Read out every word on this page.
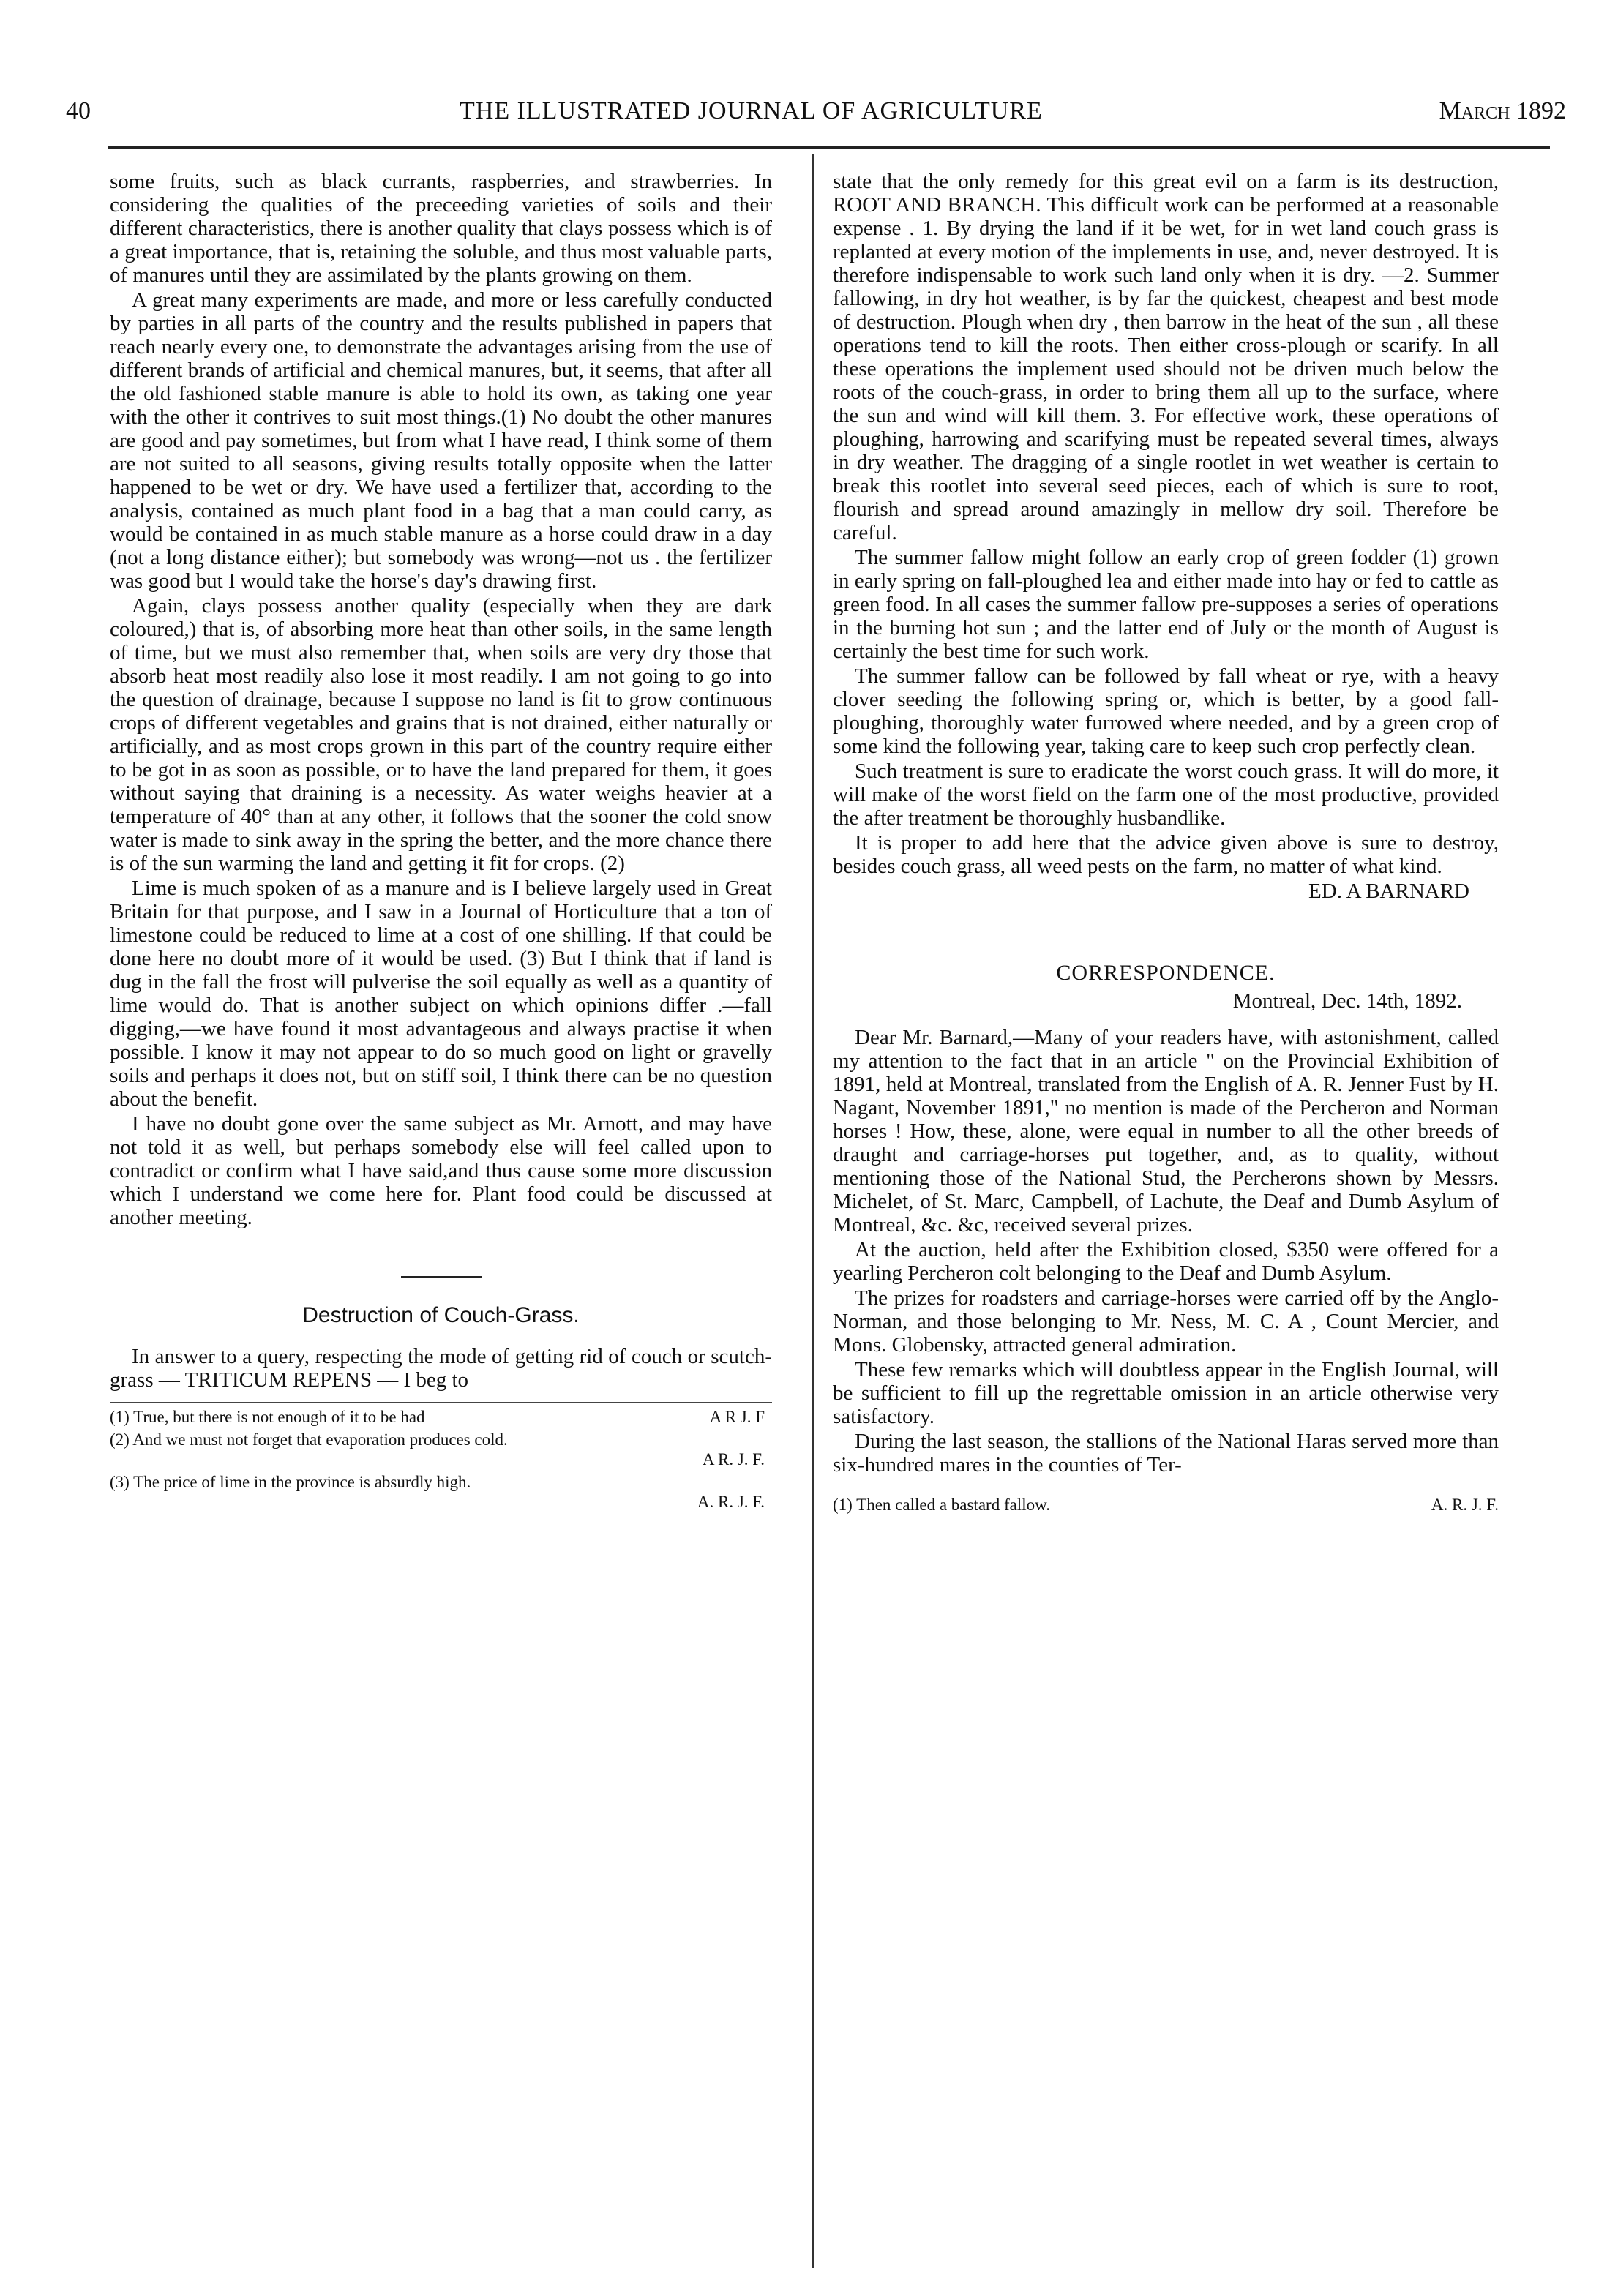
40	THE ILLUSTRATED JOURNAL OF AGRICULTURE	March 1892

some fruits, such as black currants, raspberries, and strawberries. In considering the qualities of the preceeding varieties of soils and their different characteristics, there is another quality that clays possess which is of a great importance, that is, retaining the soluble, and thus most valuable parts, of manures until they are assimilated by the plants growing on them.

A great many experiments are made, and more or less carefully conducted by parties in all parts of the country and the results published in papers that reach nearly every one, to demonstrate the advantages arising from the use of different brands of artificial and chemical manures, but, it seems, that after all the old fashioned stable manure is able to hold its own, as taking one year with the other it contrives to suit most things.(1) No doubt the other manures are good and pay sometimes, but from what I have read, I think some of them are not suited to all seasons, giving results totally opposite when the latter happened to be wet or dry. We have used a fertilizer that, according to the analysis, contained as much plant food in a bag that a man could carry, as would be contained in as much stable manure as a horse could draw in a day (not a long distance either); but somebody was wrong—not us . the fertilizer was good but I would take the horse's day's drawing first.

Again, clays possess another quality (especially when they are dark coloured,) that is, of absorbing more heat than other soils, in the same length of time, but we must also remember that, when soils are very dry those that absorb heat most readily also lose it most readily. I am not going to go into the question of drainage, because I suppose no land is fit to grow continuous crops of different vegetables and grains that is not drained, either naturally or artificially, and as most crops grown in this part of the country require either to be got in as soon as possible, or to have the land prepared for them, it goes without saying that draining is a necessity. As water weighs heavier at a temperature of 40° than at any other, it follows that the sooner the cold snow water is made to sink away in the spring the better, and the more chance there is of the sun warming the land and getting it fit for crops. (2)

Lime is much spoken of as a manure and is I believe largely used in Great Britain for that purpose, and I saw in a Journal of Horticulture that a ton of limestone could be reduced to lime at a cost of one shilling. If that could be done here no doubt more of it would be used. (3) But I think that if land is dug in the fall the frost will pulverise the soil equally as well as a quantity of lime would do. That is another subject on which opinions differ .—fall digging,—we have found it most advantageous and always practise it when possible. I know it may not appear to do so much good on light or gravelly soils and perhaps it does not, but on stiff soil, I think there can be no question about the benefit.

I have no doubt gone over the same subject as Mr. Arnott, and may have not told it as well, but perhaps somebody else will feel called upon to contradict or confirm what I have said,and thus cause some more discussion which I understand we come here for. Plant food could be discussed at another meeting.

Destruction of Couch-Grass.

In answer to a query, respecting the mode of getting rid of couch or scutch-grass — TRITICUM REPENS — I beg to

(1) True, but there is not enough of it to be had	A R J. F

(2) And we must not forget that evaporation produces cold.
A R. J. F.

(3) The price of lime in the province is absurdly high.
A. R. J. F.

state that the only remedy for this great evil on a farm is its destruction, ROOT AND BRANCH. This difficult work can be performed at a reasonable expense . 1. By drying the land if it be wet, for in wet land couch grass is replanted at every motion of the implements in use, and, never destroyed. It is therefore indispensable to work such land only when it is dry. —2. Summer fallowing, in dry hot weather, is by far the quickest, cheapest and best mode of destruction. Plough when dry , then barrow in the heat of the sun , all these operations tend to kill the roots. Then either cross-plough or scarify. In all these operations the implement used should not be driven much below the roots of the couch-grass, in order to bring them all up to the surface, where the sun and wind will kill them. 3. For effective work, these operations of ploughing, harrowing and scarifying must be repeated several times, always in dry weather. The dragging of a single rootlet in wet weather is certain to break this rootlet into several seed pieces, each of which is sure to root, flourish and spread around amazingly in mellow dry soil. Therefore be careful.

The summer fallow might follow an early crop of green fodder (1) grown in early spring on fall-ploughed lea and either made into hay or fed to cattle as green food. In all cases the summer fallow pre-supposes a series of operations in the burning hot sun ; and the latter end of July or the month of August is certainly the best time for such work.

The summer fallow can be followed by fall wheat or rye, with a heavy clover seeding the following spring or, which is better, by a good fall-ploughing, thoroughly water furrowed where needed, and by a green crop of some kind the following year, taking care to keep such crop perfectly clean.

Such treatment is sure to eradicate the worst couch grass. It will do more, it will make of the worst field on the farm one of the most productive, provided the after treatment be thoroughly husbandlike.

It is proper to add here that the advice given above is sure to destroy, besides couch grass, all weed pests on the farm, no matter of what kind.

ED. A BARNARD
CORRESPONDENCE.
Montreal, Dec. 14th, 1892.

Dear Mr. Barnard,—Many of your readers have, with astonishment, called my attention to the fact that in an article " on the Provincial Exhibition of 1891, held at Montreal, translated from the English of A. R. Jenner Fust by H. Nagant, November 1891," no mention is made of the Percheron and Norman horses ! How, these, alone, were equal in number to all the other breeds of draught and carriage-horses put together, and, as to quality, without mentioning those of the National Stud, the Percherons shown by Messrs. Michelet, of St. Marc, Campbell, of Lachute, the Deaf and Dumb Asylum of Montreal, &c. &c, received several prizes.

At the auction, held after the Exhibition closed, $350 were offered for a yearling Percheron colt belonging to the Deaf and Dumb Asylum.

The prizes for roadsters and carriage-horses were carried off by the Anglo-Norman, and those belonging to Mr. Ness, M. C. A , Count Mercier, and Mons. Globensky, attracted general admiration.

These few remarks which will doubtless appear in the English Journal, will be sufficient to fill up the regrettable omission in an article otherwise very satisfactory.

During the last season, the stallions of the National Haras served more than six-hundred mares in the counties of Ter-

(1) Then called a bastard fallow.	A. R. J. F.
